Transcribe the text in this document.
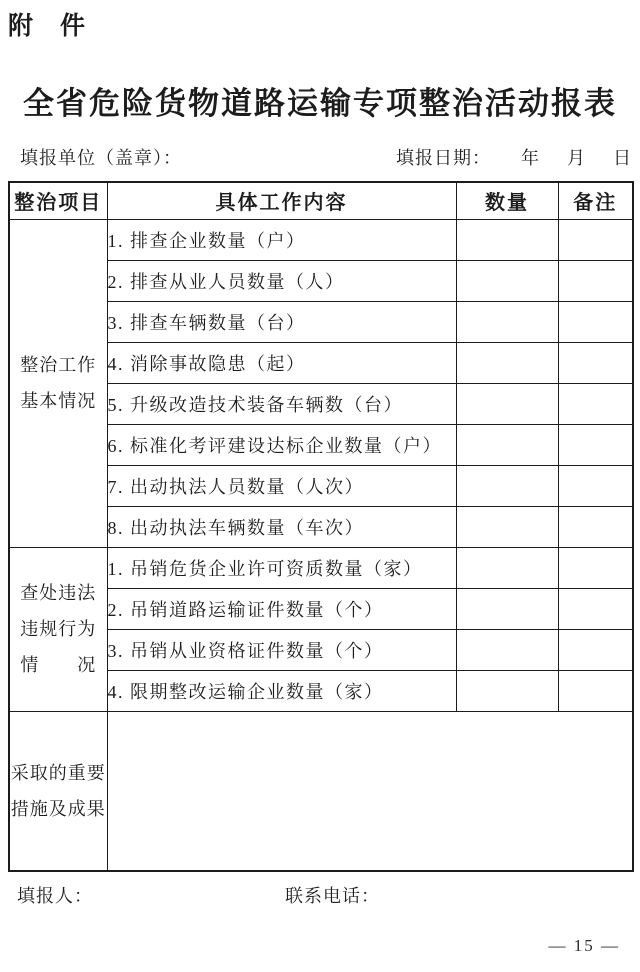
附　件
全省危险货物道路运输专项整治活动报表
填报单位（盖章）：	填报日期： 年 月 日
整治项目	具体工作内容	数量	备注

整治工作
基本情况	1. 排查企业数量（户）		
	2. 排查从业人员数量（人）		
	3. 排查车辆数量（台）		
	4. 消除事故隐患（起）		
	5. 升级改造技术装备车辆数（台）		
	6. 标准化考评建设达标企业数量（户）		
	7. 出动执法人员数量（人次）		
	8. 出动执法车辆数量（车次）		

查处违法
违规行为
情　　况	1. 吊销危货企业许可资质数量（家）		
	2. 吊销道路运输证件数量（个）		
	3. 吊销从业资格证件数量（个）		
	4. 限期整改运输企业数量（家）		

采取的重要
措施及成果			

填报人：	联系电话：
— 15 —
